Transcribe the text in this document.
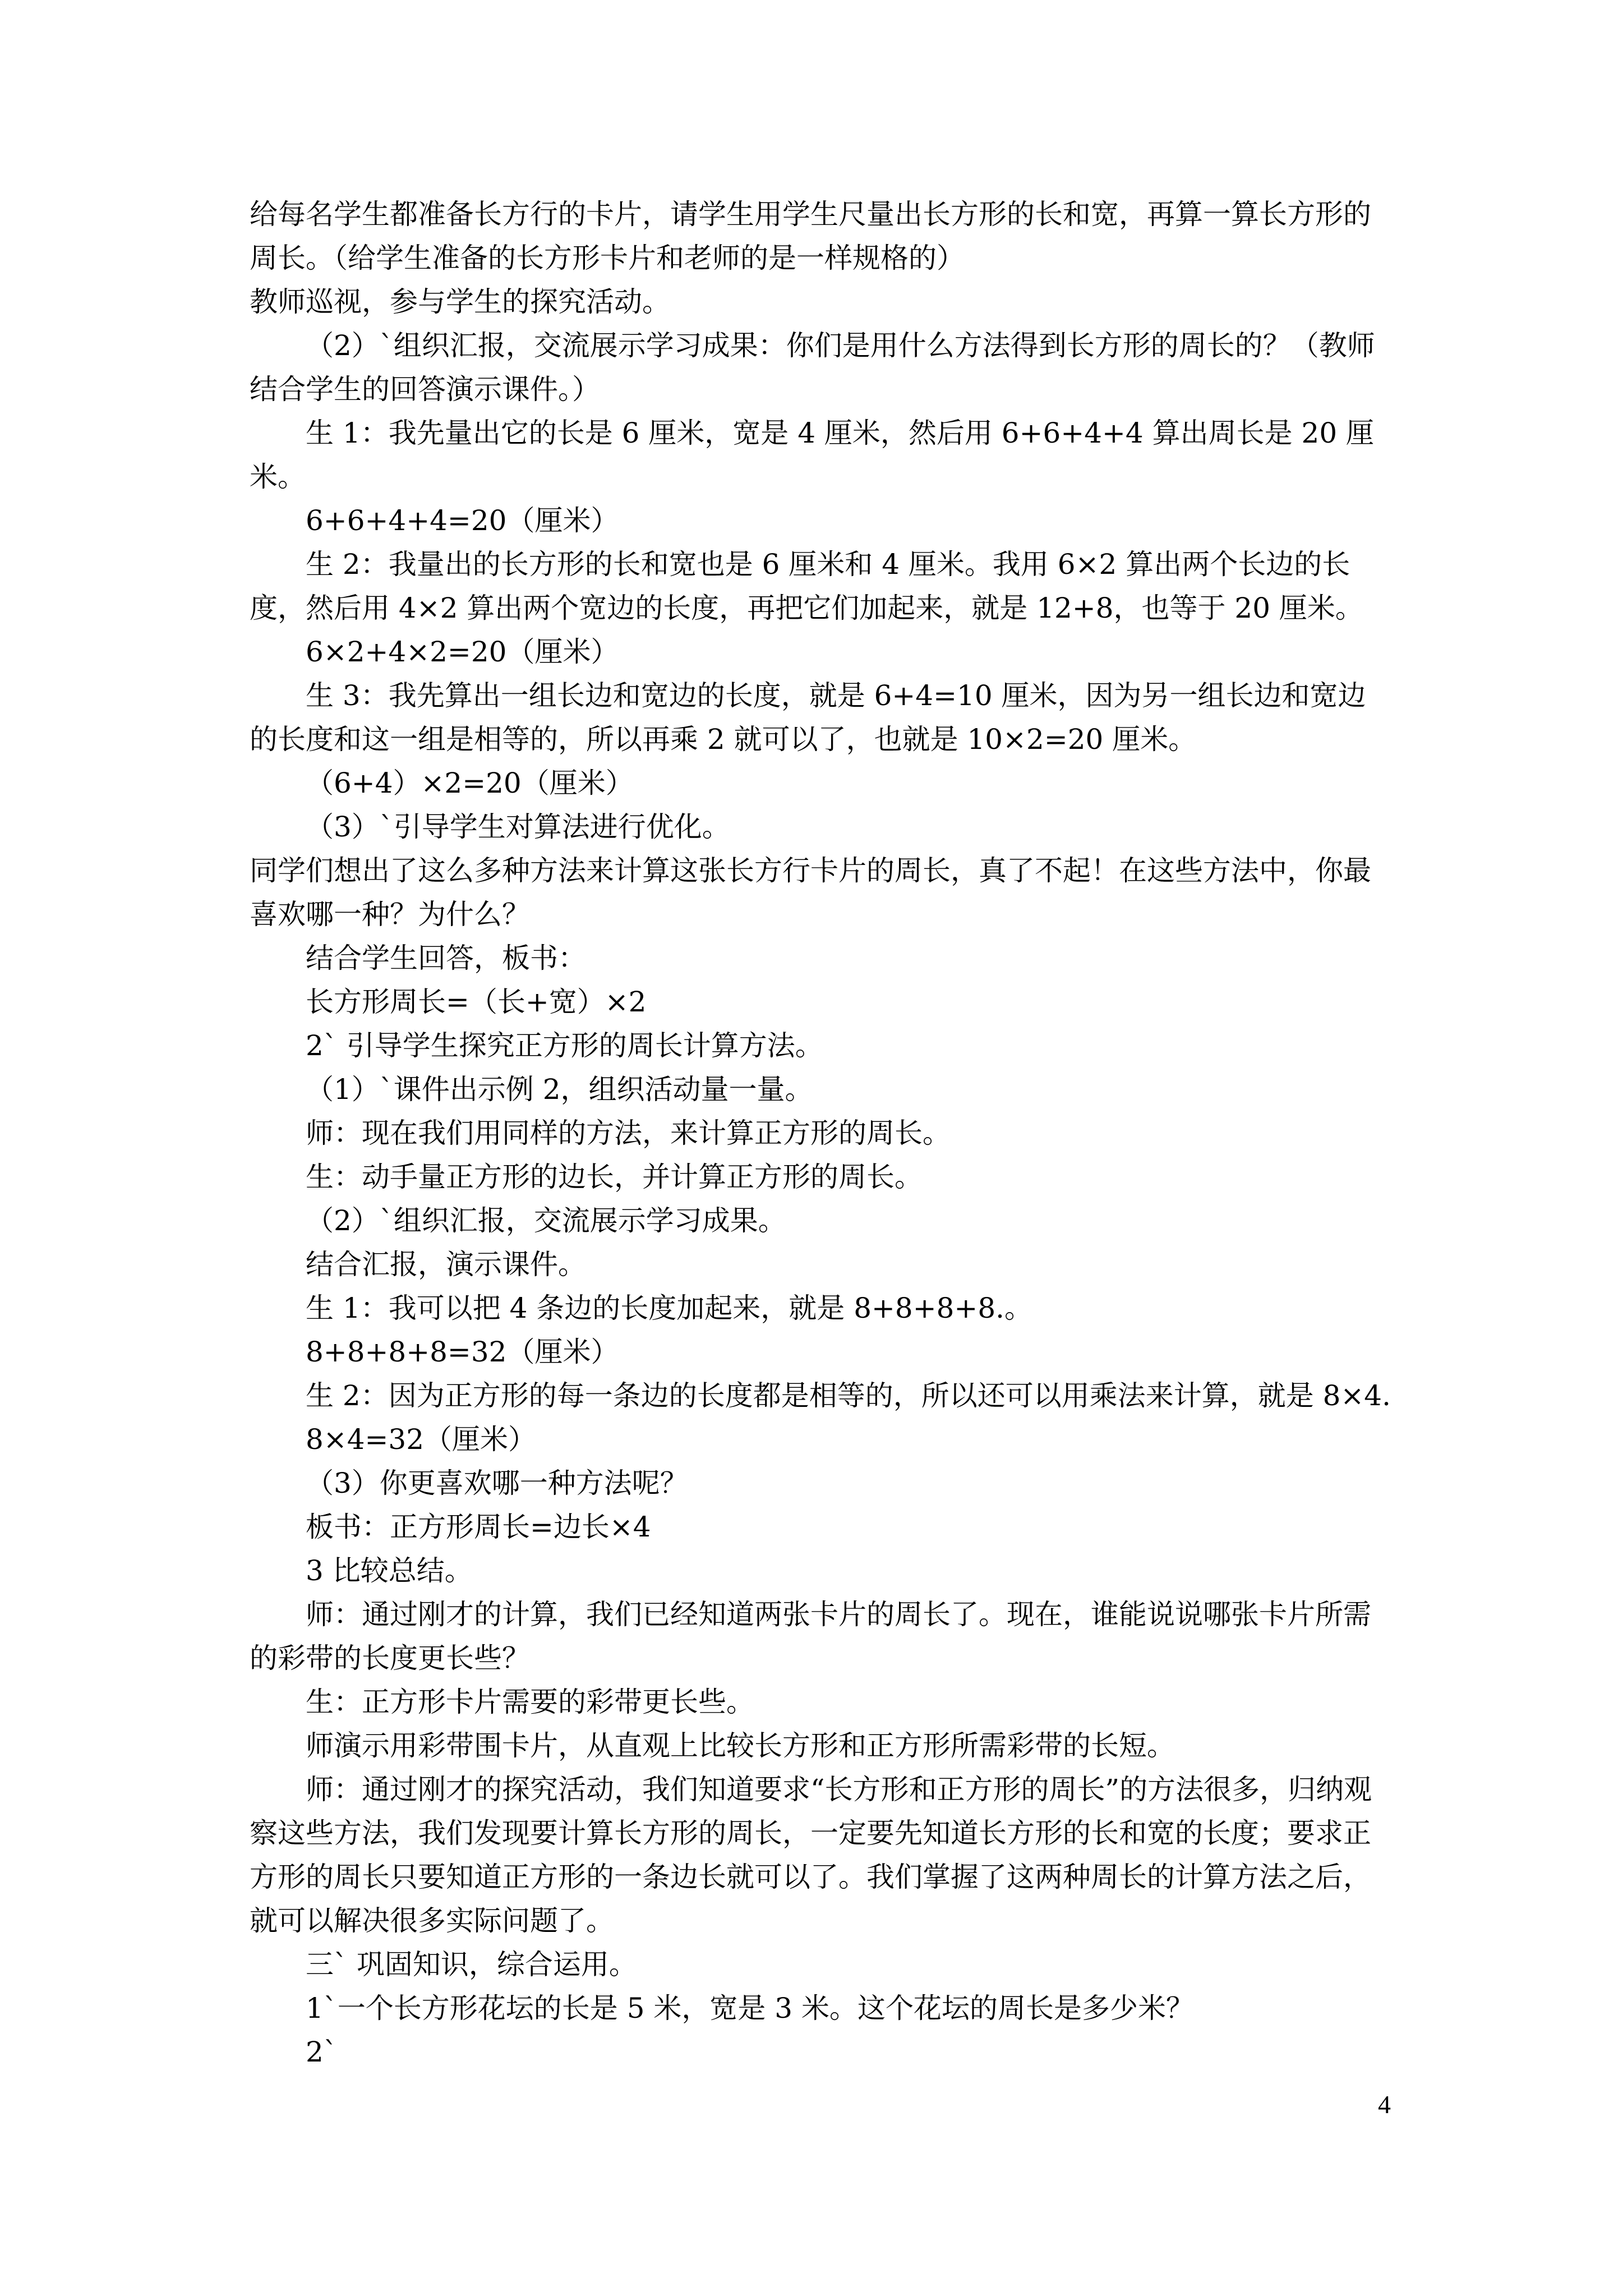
给每名学生都准备长方行的卡片，请学生用学生尺量出长方形的长和宽，再算一算长方形的周长。（给学生准备的长方形卡片和老师的是一样规格的）

教师巡视，参与学生的探究活动。

（2）`组织汇报，交流展示学习成果：你们是用什么方法得到长方形的周长的？（教师结合学生的回答演示课件。）

生 1：我先量出它的长是 6 厘米，宽是 4 厘米，然后用 6+6+4+4 算出周长是 20 厘米。

6+6+4+4=20（厘米）

生 2：我量出的长方形的长和宽也是 6 厘米和 4 厘米。我用 6×2 算出两个长边的长度，然后用 4×2 算出两个宽边的长度，再把它们加起来，就是 12+8，也等于 20 厘米。

6×2+4×2=20（厘米）

生 3：我先算出一组长边和宽边的长度，就是 6+4=10 厘米，因为另一组长边和宽边的长度和这一组是相等的，所以再乘 2 就可以了，也就是 10×2=20 厘米。

（6+4）×2=20（厘米）

（3）`引导学生对算法进行优化。

同学们想出了这么多种方法来计算这张长方行卡片的周长，真了不起！在这些方法中，你最喜欢哪一种？为什么？

结合学生回答，板书：

长方形周长=（长+宽）×2

2` 引导学生探究正方形的周长计算方法。

（1）`课件出示例 2，组织活动量一量。

师：现在我们用同样的方法，来计算正方形的周长。

生：动手量正方形的边长，并计算正方形的周长。

（2）`组织汇报，交流展示学习成果。

结合汇报，演示课件。

生 1：我可以把 4 条边的长度加起来，就是 8+8+8+8.。

8+8+8+8=32（厘米）

生 2：因为正方形的每一条边的长度都是相等的，所以还可以用乘法来计算，就是 8×4.

8×4=32（厘米）

（3）你更喜欢哪一种方法呢？

板书：正方形周长=边长×4

3 比较总结。

师：通过刚才的计算，我们已经知道两张卡片的周长了。现在，谁能说说哪张卡片所需的彩带的长度更长些？

生：正方形卡片需要的彩带更长些。

师演示用彩带围卡片，从直观上比较长方形和正方形所需彩带的长短。

师：通过刚才的探究活动，我们知道要求“长方形和正方形的周长”的方法很多，归纳观察这些方法，我们发现要计算长方形的周长，一定要先知道长方形的长和宽的长度；要求正方形的周长只要知道正方形的一条边长就可以了。我们掌握了这两种周长的计算方法之后，就可以解决很多实际问题了。

三` 巩固知识，综合运用。

1`一个长方形花坛的长是 5 米，宽是 3 米。这个花坛的周长是多少米？

2`

4
